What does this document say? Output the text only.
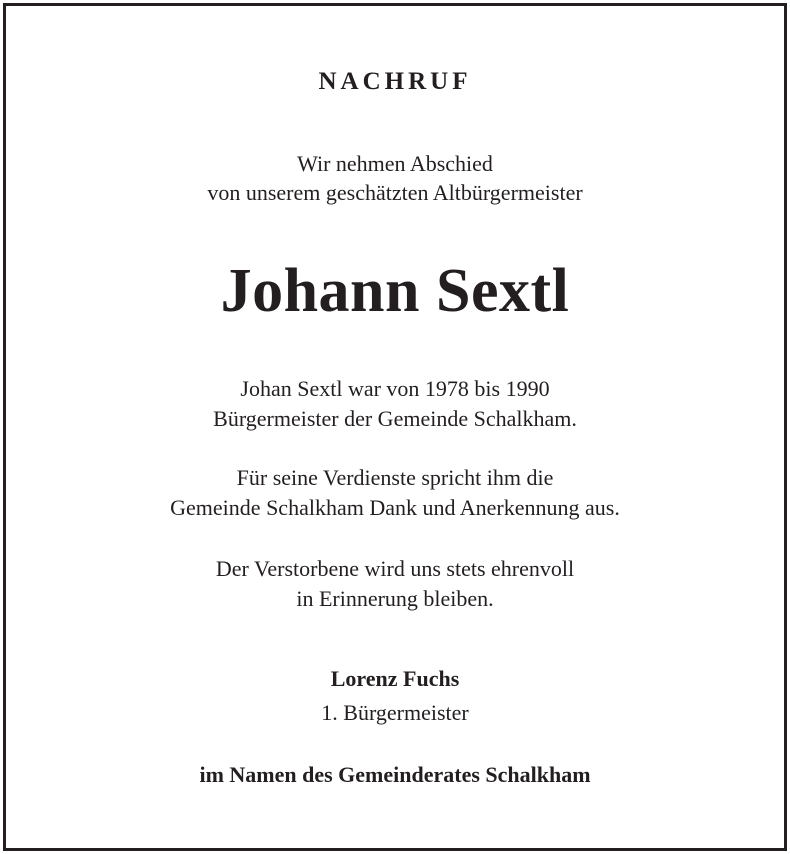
NACHRUF
Wir nehmen Abschied
von unserem geschätzten Altbürgermeister
Johann Sextl
Johan Sextl war von 1978 bis 1990
Bürgermeister der Gemeinde Schalkham.
Für seine Verdienste spricht ihm die
Gemeinde Schalkham Dank und Anerkennung aus.
Der Verstorbene wird uns stets ehrenvoll
in Erinnerung bleiben.
Lorenz Fuchs
1. Bürgermeister
im Namen des Gemeinderates Schalkham
